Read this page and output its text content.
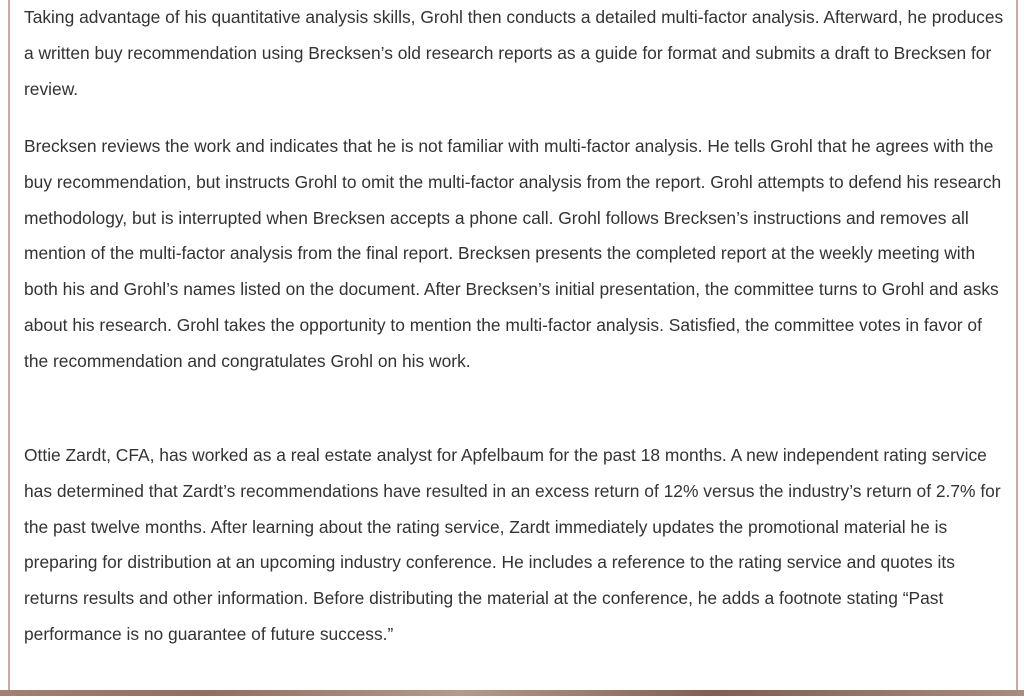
Taking advantage of his quantitative analysis skills, Grohl then conducts a detailed multi-factor analysis. Afterward, he produces a written buy recommendation using Brecksen’s old research reports as a guide for format and submits a draft to Brecksen for review.

Brecksen reviews the work and indicates that he is not familiar with multi-factor analysis. He tells Grohl that he agrees with the buy recommendation, but instructs Grohl to omit the multi-factor analysis from the report. Grohl attempts to defend his research methodology, but is interrupted when Brecksen accepts a phone call. Grohl follows Brecksen’s instructions and removes all mention of the multi-factor analysis from the final report. Brecksen presents the completed report at the weekly meeting with both his and Grohl’s names listed on the document. After Brecksen’s initial presentation, the committee turns to Grohl and asks about his research. Grohl takes the opportunity to mention the multi-factor analysis. Satisfied, the committee votes in favor of the recommendation and congratulates Grohl on his work.

Ottie Zardt, CFA, has worked as a real estate analyst for Apfelbaum for the past 18 months. A new independent rating service has determined that Zardt’s recommendations have resulted in an excess return of 12% versus the industry’s return of 2.7% for the past twelve months. After learning about the rating service, Zardt immediately updates the promotional material he is preparing for distribution at an upcoming industry conference. He includes a reference to the rating service and quotes its returns results and other information. Before distributing the material at the conference, he adds a footnote stating “Past performance is no guarantee of future success.”
